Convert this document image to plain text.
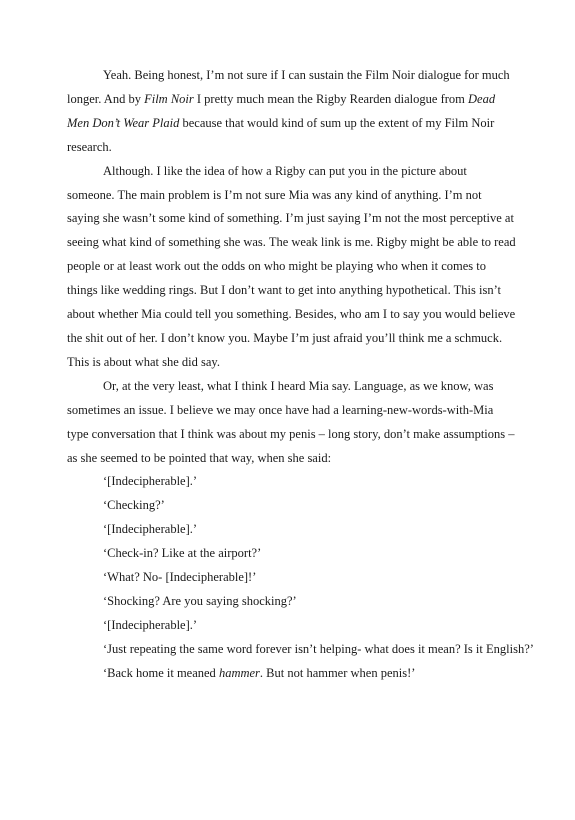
Yeah. Being honest, I’m not sure if I can sustain the Film Noir dialogue for much longer. And by Film Noir I pretty much mean the Rigby Rearden dialogue from Dead Men Don’t Wear Plaid because that would kind of sum up the extent of my Film Noir research.

Although. I like the idea of how a Rigby can put you in the picture about someone. The main problem is I’m not sure Mia was any kind of anything. I’m not saying she wasn’t some kind of something. I’m just saying I’m not the most perceptive at seeing what kind of something she was. The weak link is me. Rigby might be able to read people or at least work out the odds on who might be playing who when it comes to things like wedding rings. But I don’t want to get into anything hypothetical. This isn’t about whether Mia could tell you something. Besides, who am I to say you would believe the shit out of her. I don’t know you. Maybe I’m just afraid you’ll think me a schmuck. This is about what she did say.

Or, at the very least, what I think I heard Mia say. Language, as we know, was sometimes an issue. I believe we may once have had a learning-new-words-with-Mia type conversation that I think was about my penis – long story, don’t make assumptions – as she seemed to be pointed that way, when she said:

‘[Indecipherable].’

‘Checking?’

‘[Indecipherable].’

‘Check-in? Like at the airport?’

‘What? No- [Indecipherable]!’

‘Shocking? Are you saying shocking?’

‘[Indecipherable].’

‘Just repeating the same word forever isn’t helping- what does it mean? Is it English?’

‘Back home it meaned hammer. But not hammer when penis!’
